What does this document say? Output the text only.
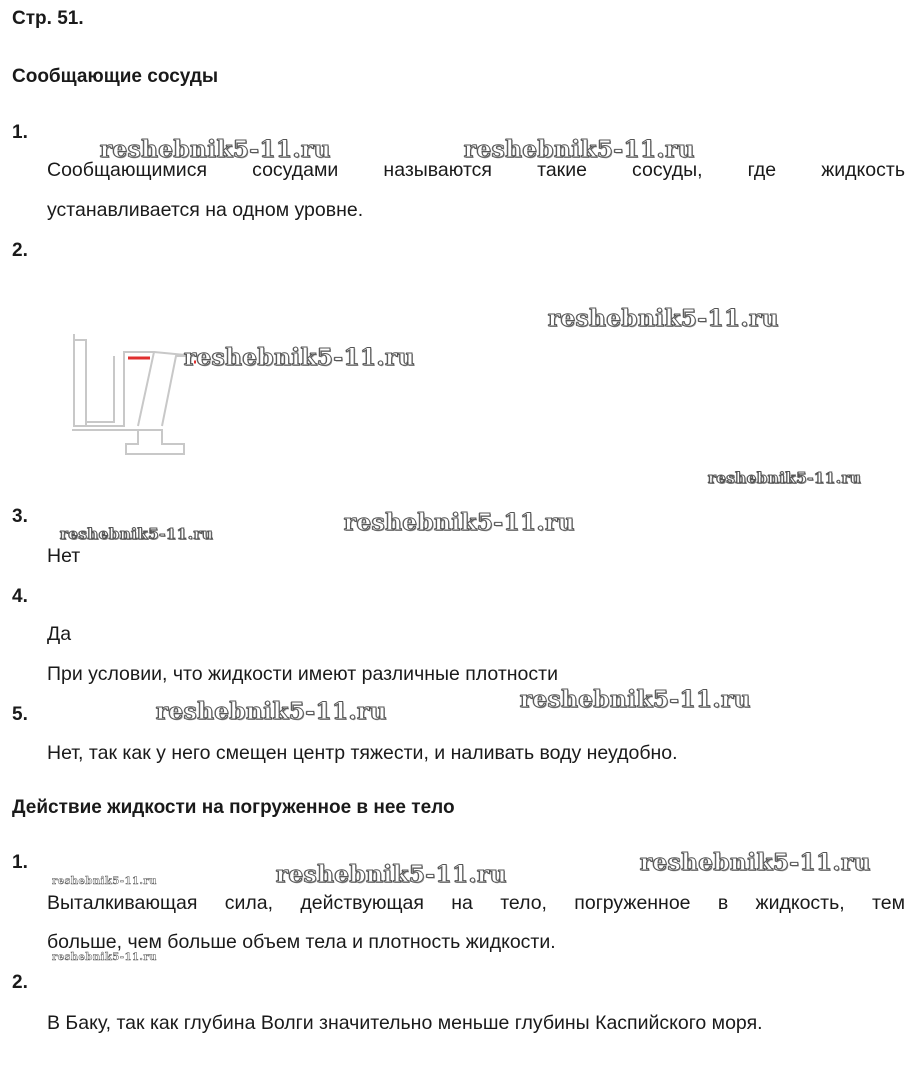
Стр. 51.
Сообщающие сосуды
1.
Сообщающимися сосудами называются такие сосуды, где жидкость
устанавливается на одном уровне.
2.
3.
Нет
4.
Да
При условии, что жидкости имеют различные плотности
5.
Нет, так как у него смещен центр тяжести, и наливать воду неудобно.
Действие жидкости на погруженное в нее тело
1.
Выталкивающая сила, действующая на тело, погруженное в жидкость, тем
больше, чем больше объем тела и плотность жидкости.
2.
В Баку, так как глубина Волги значительно меньше глубины Каспийского моря.
reshebnik5-11.ru	reshebnik5-11.ru
reshebnik5-11.ru
reshebnik5-11.ru
reshebnik5-11.ru
reshebnik5-11.ru
reshebnik5-11.ru
reshebnik5-11.ru
reshebnik5-11.ru
reshebnik5-11.ru
reshebnik5-11.ru
reshebnik5-11.ru
reshebnik5-11.ru
